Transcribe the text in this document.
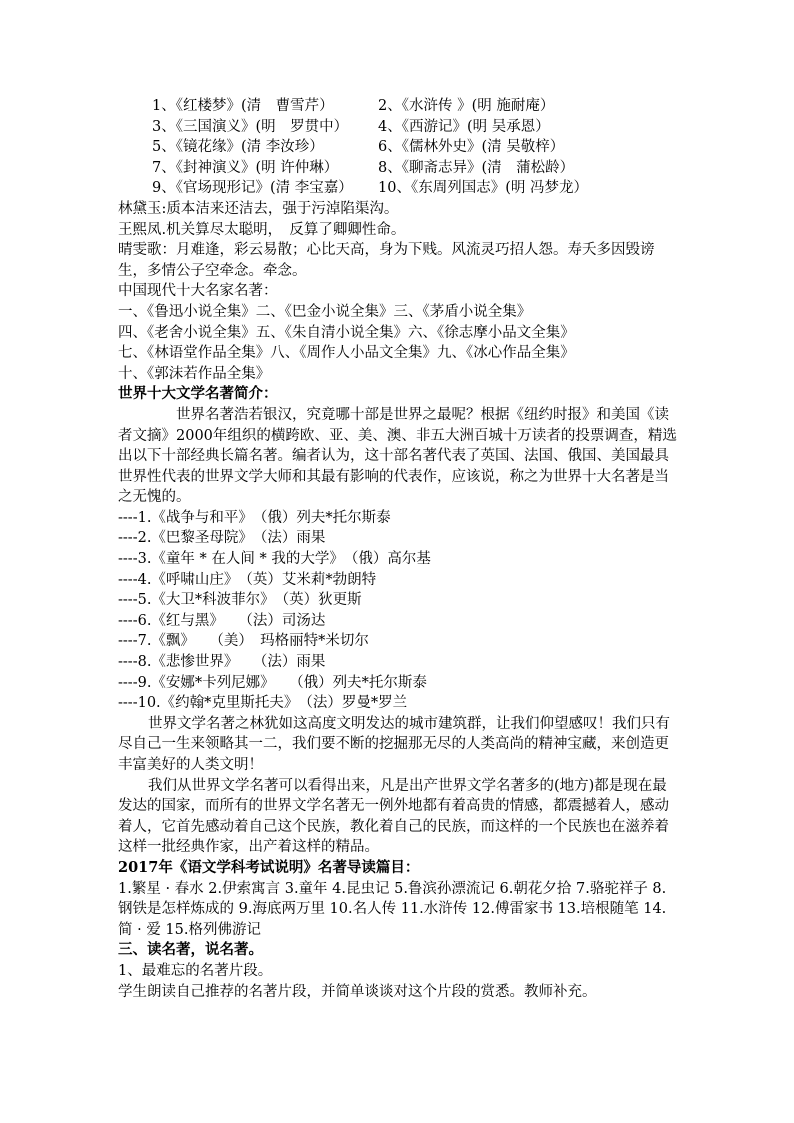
1、《红楼梦》(清　曹雪芹）	2、《水浒传 》(明 施耐庵）
3、《三国演义》(明　罗贯中）	4、《西游记》(明 吴承恩）
5、《镜花缘》(清 李汝珍）	6、《儒林外史》(清 吴敬梓）
7、《封神演义》(明 许仲琳）	8、《聊斋志异》(清　蒲松龄）
9、《官场现形记》(清 李宝嘉）	10、《东周列国志》(明 冯梦龙）
林黛玉:质本洁来还洁去，强于污淖陷渠沟。
王熙凤.机关算尽太聪明，　反算了卿卿性命。
晴雯歌：月难逢，彩云易散；心比天高，身为下贱。风流灵巧招人怨。寿夭多因毁谤生，多情公子空牵念。牵念。
中国现代十大名家名著：
一、《鲁迅小说全集》二、《巴金小说全集》三、《茅盾小说全集》
四、《老舍小说全集》五、《朱自清小说全集》六、《徐志摩小品文全集》
七、《林语堂作品全集》八、《周作人小品文全集》九、《冰心作品全集》
十、《郭沫若作品全集》
世界十大文学名著简介：
世界名著浩若银汉，究竟哪十部是世界之最呢？根据《纽约时报》和美国《读者文摘》2000年组织的横跨欧、亚、美、澳、非五大洲百城十万读者的投票调查，精选出以下十部经典长篇名著。编者认为，这十部名著代表了英国、法国、俄国、美国最具世界性代表的世界文学大师和其最有影响的代表作，应该说，称之为世界十大名著是当之无愧的。
----1.《战争与和平》　（俄）列夫*托尔斯泰
----2.《巴黎圣母院》　（法）雨果
----3.《童年 * 在人间 * 我的大学》　（俄）高尔基
----4.《呼啸山庄》　（英）艾米莉*勃朗特
----5.《大卫*科波菲尔》　（英）狄更斯
----6.《红与黑》　　（法）司汤达
----7.《飘》　　（美）　玛格丽特*米切尔
----8.《悲惨世界》　　（法）雨果
----9.《安娜*卡列尼娜》　　（俄）列夫*托尔斯泰
----10.《约翰*克里斯托夫》　（法）罗曼*罗兰
世界文学名著之林犹如这高度文明发达的城市建筑群，让我们仰望感叹！我们只有尽自己一生来领略其一二，我们要不断的挖掘那无尽的人类高尚的精神宝藏，来创造更丰富美好的人类文明！
我们从世界文学名著可以看得出来，凡是出产世界文学名著多的(地方)都是现在最发达的国家，而所有的世界文学名著无一例外地都有着高贵的情感，都震撼着人，感动着人，它首先感动着自己这个民族，教化着自己的民族，而这样的一个民族也在滋养着这样一批经典作家，出产着这样的精品。
2017年《语文学科考试说明》名著导读篇目：
1.繁星 · 春水 2.伊索寓言 3.童年 4.昆虫记 5.鲁滨孙漂流记 6.朝花夕拾 7.骆驼祥子 8.钢铁是怎样炼成的 9.海底两万里 10.名人传 11.水浒传 12.傅雷家书 13.培根随笔 14.简 · 爱 15.格列佛游记
三、读名著，说名著。
1、最难忘的名著片段。
学生朗读自己推荐的名著片段，并简单谈谈对这个片段的赏悉。教师补充。
